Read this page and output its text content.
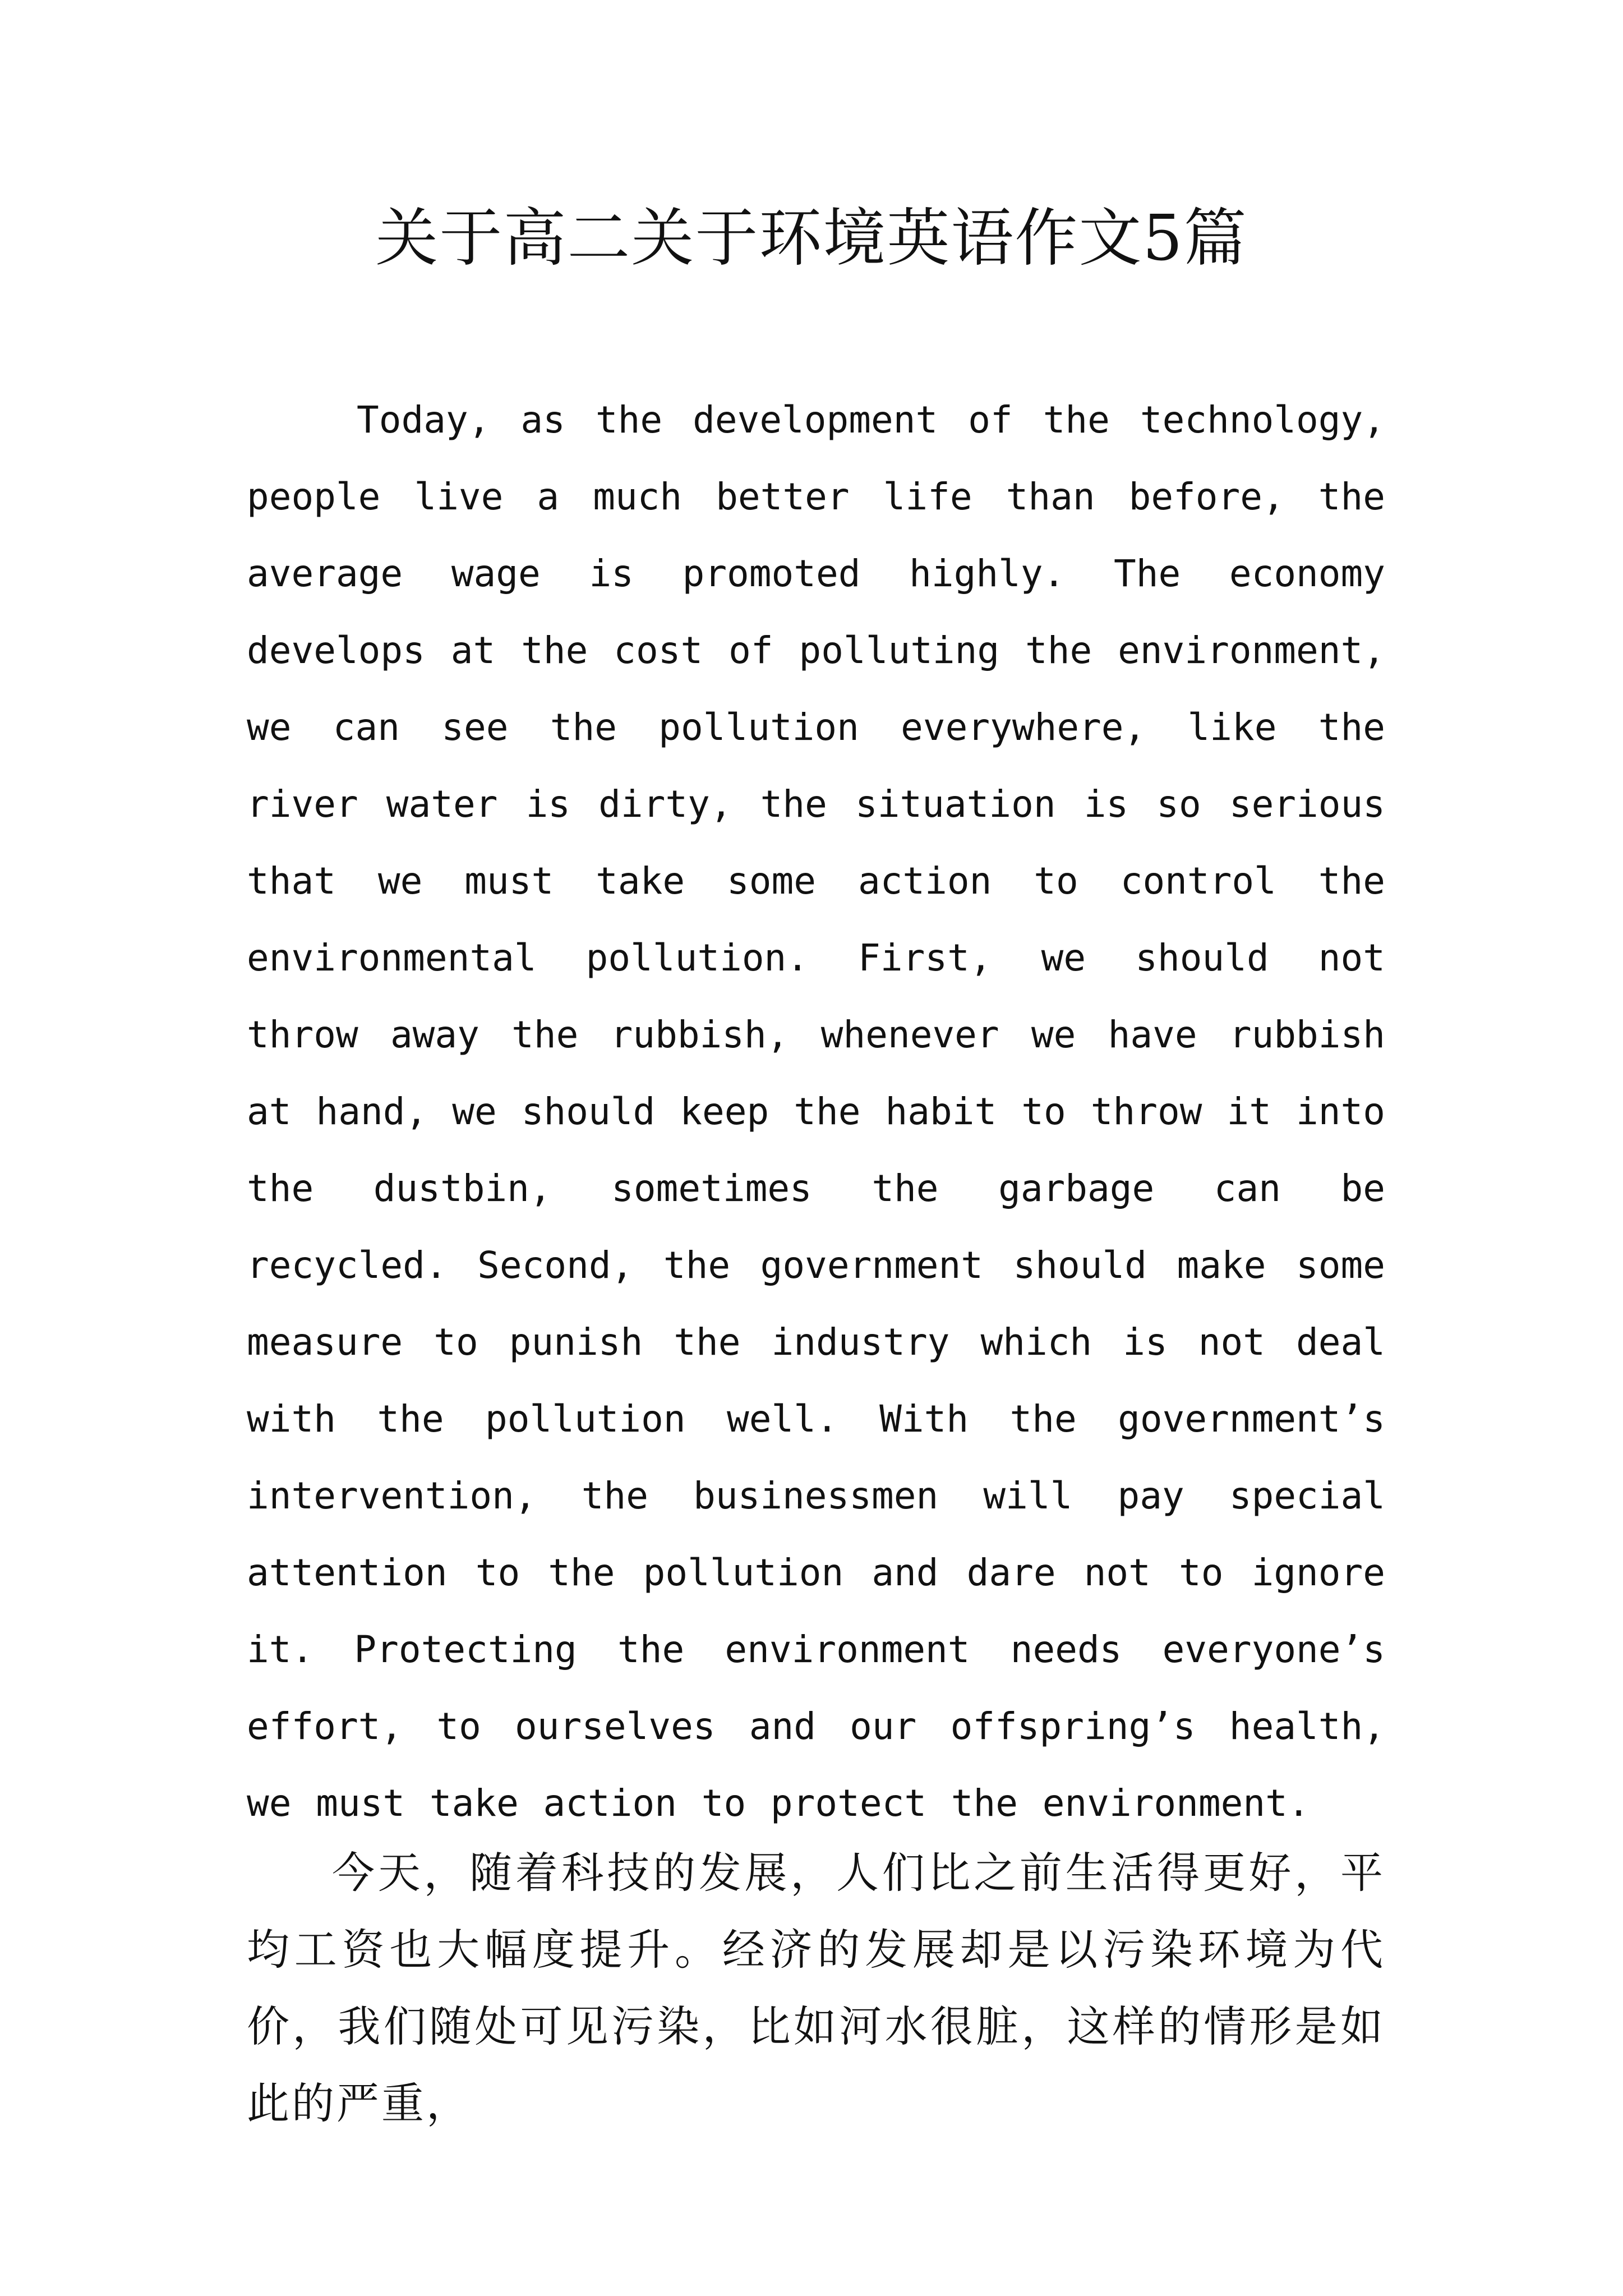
关于高二关于环境英语作文5篇

Today, as the development of the technology, people live a much better life than before, the average wage is promoted highly. The economy develops at the cost of polluting the environment, we can see the pollution everywhere, like the river water is dirty, the situation is so serious that we must take some action to control the environmental pollution. First, we should not throw away the rubbish, whenever we have rubbish at hand, we should keep the habit to throw it into the dustbin, sometimes the garbage can be recycled. Second, the government should make some measure to punish the industry which is not deal with the pollution well. With the government’s intervention, the businessmen will pay special attention to the pollution and dare not to ignore it. Protecting the environment needs everyone’s effort, to ourselves and our offspring’s health, we must take action to protect the environment.

今天，随着科技的发展，人们比之前生活得更好，平均工资也大幅度提升。经济的发展却是以污染环境为代价，我们随处可见污染，比如河水很脏，这样的情形是如此的严重，
